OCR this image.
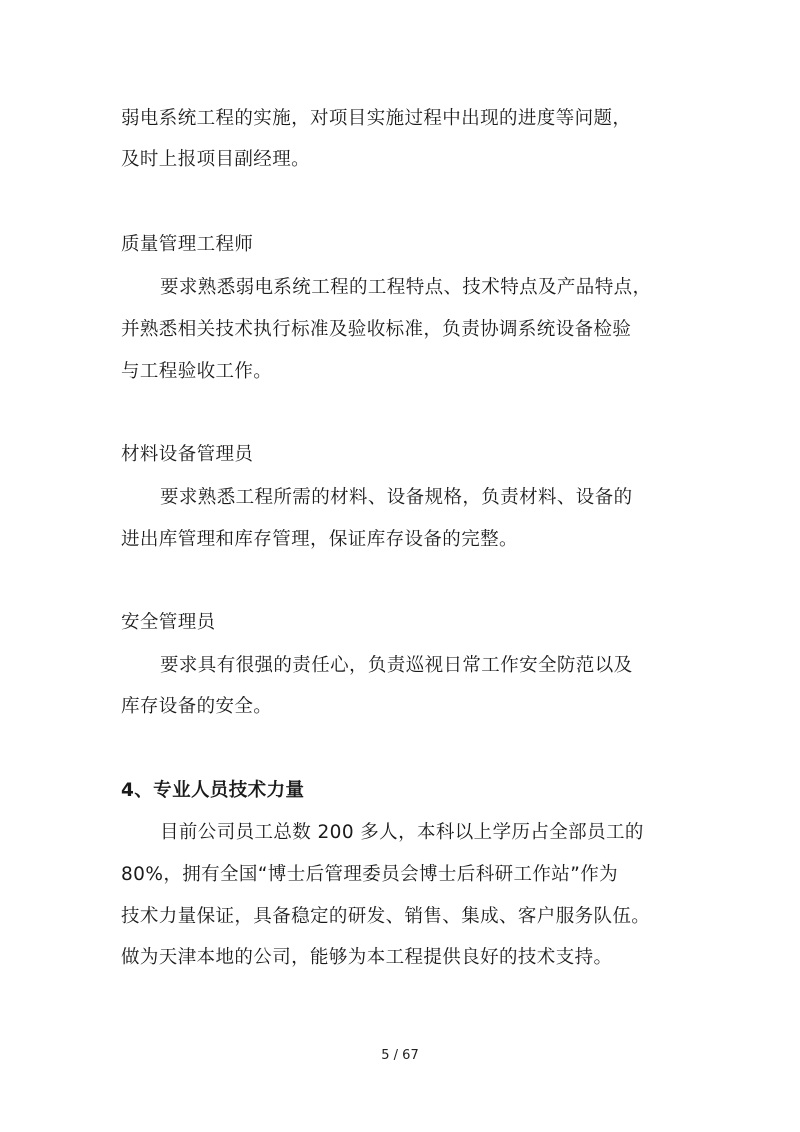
弱电系统工程的实施，对项目实施过程中出现的进度等问题，
及时上报项目副经理。
质量管理工程师
要求熟悉弱电系统工程的工程特点、技术特点及产品特点，
并熟悉相关技术执行标准及验收标准，负责协调系统设备检验
与工程验收工作。
材料设备管理员
要求熟悉工程所需的材料、设备规格，负责材料、设备的
进出库管理和库存管理，保证库存设备的完整。
安全管理员
要求具有很强的责任心，负责巡视日常工作安全防范以及
库存设备的安全。
4、专业人员技术力量
目前公司员工总数 200 多人，本科以上学历占全部员工的
80%，拥有全国“博士后管理委员会博士后科研工作站”作为
技术力量保证，具备稳定的研发、销售、集成、客户服务队伍。
做为天津本地的公司，能够为本工程提供良好的技术支持。
5 / 67
